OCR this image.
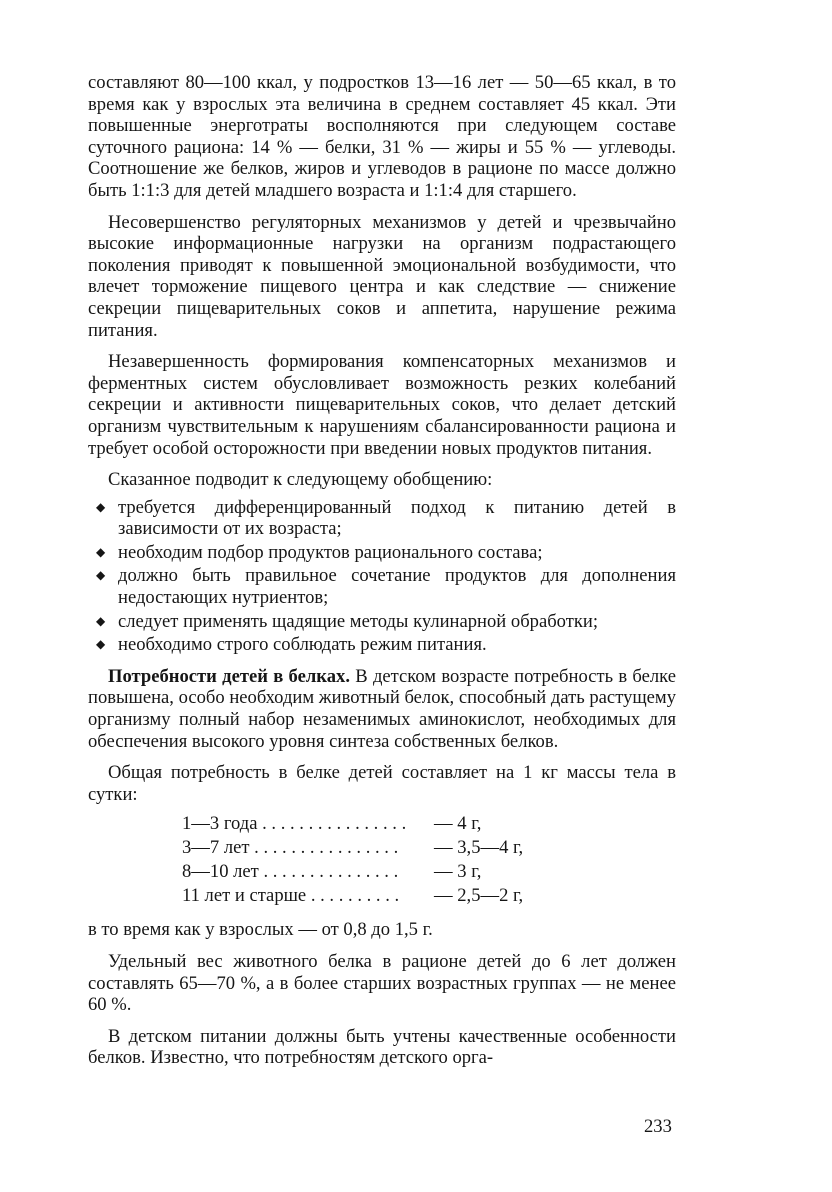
составляют 80—100 ккал, у подростков 13—16 лет — 50—65 ккал, в то время как у взрослых эта величина в среднем составляет 45 ккал. Эти повышенные энерготраты восполняются при следующем составе суточного рациона: 14 % — белки, 31 % — жиры и 55 % — углеводы. Соотношение же белков, жиров и углеводов в рационе по массе должно быть 1:1:3 для детей младшего возраста и 1:1:4 для старшего.

Несовершенство регуляторных механизмов у детей и чрезвычайно высокие информационные нагрузки на организм подрастающего поколения приводят к повышенной эмоциональной возбудимости, что влечет торможение пищевого центра и как следствие — снижение секреции пищеварительных соков и аппетита, нарушение режима питания.

Незавершенность формирования компенсаторных механизмов и ферментных систем обусловливает возможность резких колебаний секреции и активности пищеварительных соков, что делает детский организм чувствительным к нарушениям сбалансированности рациона и требует особой осторожности при введении новых продуктов питания.

Сказанное подводит к следующему обобщению:

◆ требуется дифференцированный подход к питанию детей в зависимости от их возраста;
◆ необходим подбор продуктов рационального состава;
◆ должно быть правильное сочетание продуктов для дополнения недостающих нутриентов;
◆ следует применять щадящие методы кулинарной обработки;
◆ необходимо строго соблюдать режим питания.

Потребности детей в белках. В детском возрасте потребность в белке повышена, особо необходим животный белок, способный дать растущему организму полный набор незаменимых аминокислот, необходимых для обеспечения высокого уровня синтеза собственных белков.

Общая потребность в белке детей составляет на 1 кг массы тела в сутки:

1—3 года . . . . . . . . . . . . . . . .	— 4 г,
3—7 лет . . . . . . . . . . . . . . . .	— 3,5—4 г,
8—10 лет . . . . . . . . . . . . . . .	— 3 г,
11 лет и старше . . . . . . . . . .	— 2,5—2 г,

в то время как у взрослых — от 0,8 до 1,5 г.

Удельный вес животного белка в рационе детей до 6 лет должен составлять 65—70 %, а в более старших возрастных группах — не менее 60 %.

В детском питании должны быть учтены качественные особенности белков. Известно, что потребностям детского орга-

233
